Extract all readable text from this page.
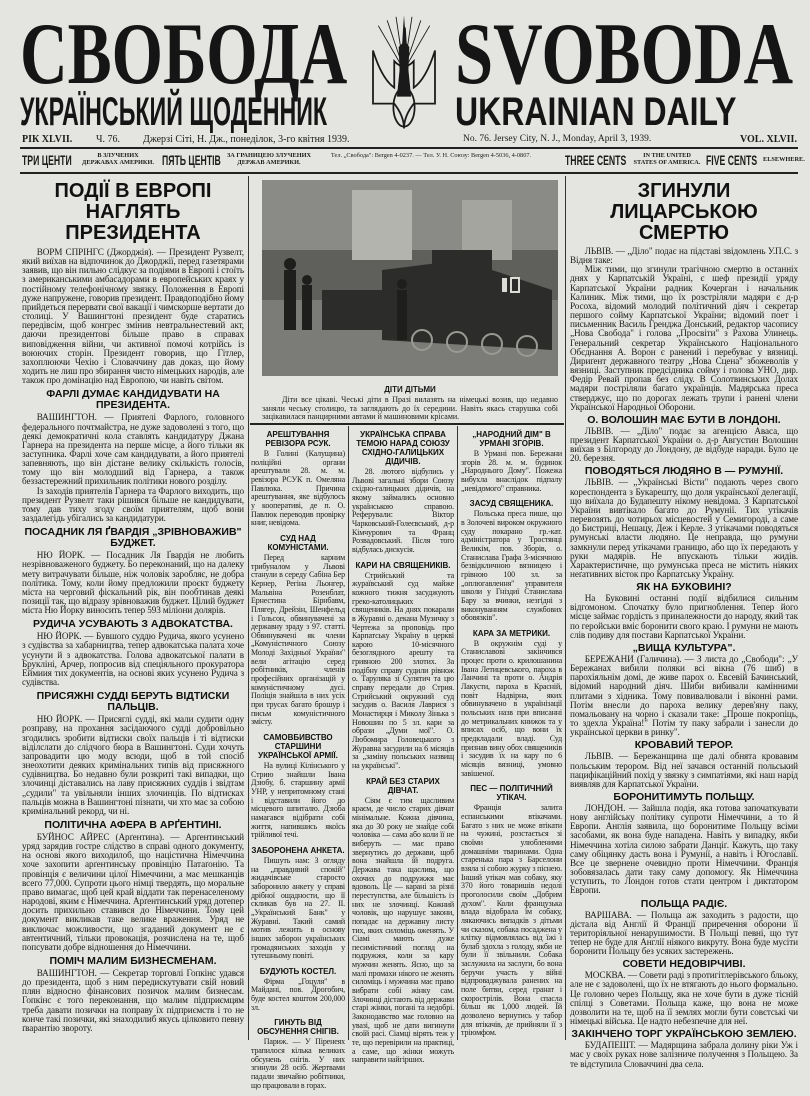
СВОБОДА SVOBODA
УКРАЇНСЬКИЙ ЩОДЕННИК	UKRAINIAN DAILY
РІК XLVII. Ч. 76. Джерзі Сіті, Н. Дж., понеділок, 3-го квітня 1939.	No. 76. Jersey City, N. J., Monday, April 3, 1939.	VOL. XLVII.
ТРИ ЦЕНТИ	В ЗЛУЧЕНИХ ДЕРЖАВАХ АМЕРИКИ. ПЯТЬ ЦЕНТІВ ЗА ГРАНИЦЕЮ ЗЛУЧЕНИХ ДЕРЖАВ АМЕРИКИ.
Тел. „Свобода": Bergen 4-0237. — Тел. У. Н. Союзу: Bergen 4-5036, 4-0807.	THREE CENTS	IN THE UNITED STATES OF AMERICA. FIVE CENTS ELSEWHERE.
ДІТИ ДІТЬМИ
Діти все цікаві. Чеські діти в Празі вилазять на німецькі возив, що недавно заняли чеську столицю, та заглядають до їх середини. Навіть якась старушка собі зацікавилася панцирними автами й машиновими крісами.
ПОДІЇ В ЕВРОПІ НАГЛЯТЬ ПРЕЗИДЕНТА

ВОРМ СПРІНГС (Джорджія). — Президент Рузвелт, який виїхав на відпочинок до Джорджії, перед газетярами заявив, що він пильно слідкує за подіями в Европі і стоїть з американськими амбасадорами в европейських краях у постійному телефонічному звязку. Положення в Европі дуже напружене, говорив президент. Правдоподібно йому прийдеться перервати свої вакації і чимскорше вертати до столиці. У Вашингтоні президент буде старатись передівсім, щоб конгрес змінив невтральнестевий акт, даючи президентові більше право в справах виповідження війни, чи активної помочі котрійсь із воюючих сторін. Президент говорив, що Гітлер, захоплюючи Чехію і Словаччину дав доказ, що йому ходить не лиш про збирання чисто німецьких народів, але також про домінацію над Европою, чи навіть світом.

ФАРЛІ ДУМАЄ КАНДИДУВАТИ НА ПРЕЗИДЕНТА.

ВАШИНГТОН. — Приятелі Фарлого, головного федерального почтмайстра, не дуже задоволені з того, що деякі демократичні кола ставлять кандидатуру Джана Гарнера на президента на перше місце, а його тільки як заступника. Фарлі хоче сам кандидувати, а його приятелі запевняють, що він дістане велику скількість голосів, тому що він молодший від Гарнера, а також беззастережний прихильник політики нового розділу.

Із заходів приятелів Гарнера та Фарлого виходить, що президент Рузвелт таки рішився більше не кандидувати, тому дав тиху згоду своїм приятелям, щоб вони заздалегідь убігались за кандидатури.

ПОСАДНИК ЛЯ ҐВАРДІЯ „ЗРІВНОВАЖИВ" БУДЖЕТ.

НЮ ЙОРК. — Посадник Ля Ґвардія не любить незрівноваженого буджету. Бо переконаний, що на далеку мету витрачувати більше, ніж чоловік заробляє, не добра політика. Тому, коли йому предложили проєкт буджету міста на черговий фіскальний рік, він пообтинав деякі позиції так, що відразу зрівноважив буджет. Цілий буджет міста Ню Йорку виносить тепер 593 міліони долярів.

РУДИЧА УСУВАЮТЬ З АДВОКАТСТВА.

НЮ ЙОРК. — Бувшого суддю Рудича, якого усунено з судівства за хабарництва, тепер адвокатська палата хоче усунути й з адвокатства. Голова адвокатської палати в Брукліні, Арчер, попросив від спеціяльного прокуратора Еймиия тих документів, на основі яких усунено Рудича з судівства.

ПРИСЯЖНІ СУДДІ БЕРУТЬ ВІДТИСКИ ПАЛЬЦІВ.

НЮ ЙОРК. — Присяглі судді, які мали судити одну розправу, на прохання засідаючого судді добровільно згодились зробити відтиски своїх пальців і ті відтиски віділслати до слідчого бюра в Вашингтоні. Суди хочуть запровадити цю моду всюди, щоб в той спосіб знеохотити деяких кримінальних типів від присяжного судівництва. Бо недавно були розкриті такі випадки, що злочинці діставались на лаву присяжних суддів і звідтам „судили" та увільняли інших злочинців. По відтисках пальців можна в Вашингтоні пізнати, чи хто має за собою кримінальний рекорд, чи ні.

ПОЛІТИЧНА АФЕРА В АРҐЕНТИНІ.

БУЙНОС АЙРЕС (Арґентина). — Арґентинський уряд зарядив гостре слідство в справі одного документу, на основі якого виходилоб, що націстична Німеччина хоче захопити арґентинську провінцію Патаґонію. Та провінція є величини цілої Німеччини, а має мешканців всего 77,000. Супроти цього німці твердять, що моральне право вимагає, щоб цей край віддати так перенаселеному народові, яким є Німеччина. Арґентинський уряд дотепер досить прихильно ставився до Німеччини. Тому цей документ викликав таке велике враження. Уряд не виключає можливости, що згаданий документ не є автентичний, тільки провокація, розчислена на те, щоб попсувати добре відношення до Німеччини.

ПОМІЧ МАЛИМ БИЗНЕСМЕНАМ.

ВАШИНГТОН. — Секретар торговлі Гопкінс удався до президента, щоб з ним передискутувати свій новий плян відносно фінансових позичок малим бизнесам. Гопкінс є того переконання, що малим підприємцям треба давати позички на поправу їх підприємств і то не конче такі позички, які знаходилиб якусь цілковито певну ґварантію звороту.

АРЕШТУВАННЯ РЕВІЗОРА РСУК.

В Голині (Калущина) поліційні органи арештували 28. м. м. ревізора РСУК п. Омеляна Павлюка. Причина арештування, яке відбулось у кооперативі, де п. О. Павлюк переводив провірку книг, невідома.

СУД НАД КОМУНІСТАМИ.

Перед карним трибуналом у Львові станули в середу Сабіна Бер Кернер, Регіна Льонгер, Мальвіна Розенблат, Ернестина Бірнбавм, Плягер, Дрейзін, Шенфельд і Гольсон, обвинувачені за державну зраду з 97. статті. Обвинувачені як члени „Комуністичного Союзу Молоді Західньої України" вели агітацію серед робітників, членів професійних організацій у комуністичному дусі. Поліція знайшла в них усіх при трусах багато брошур і письм комуністичного змісту.

САМОВБИВСТВО СТАРШИНИ УКРАЇНСЬКОЇ АРМІЇ.

На вулиці Кілінського у Стрию знайшли Івана Дзюбу, б. старшину армії УНР, у непритомному стані і відставили його до місцевого шпиталю. Дзюба намагався відібрати собі життя, напившись якоїсь трійливої течі.

ЗАБОРОНЕНА АНКЕТА.

Пишуть нам: З огляду на „правдивий спокій" жидачівське старосто заборонило анкету у справі дрібної ощадности, що її скликав був на 27. II. „Український Банк" у Журавні. Такий самий мотив лежить в основу інших заборон українських громадянських заходів у тутешньому повіті.

БУДУЮТЬ КОСТЕЛ.

Фірма „Гоцуля" в Майдані, пов. Дрогобич, буде костел коштом 200,000 зл.

ГИНУТЬ ВІД ОБСУНЕННЯ СНІГІВ.

Париж. — У Піренеях трапилося кілька великих обсунень снігів. У них згинули 28 осіб. Жертвами падали звичайно робітники, що працювали в горах.

УКРАЇНСЬКА СПРАВА ТЕМОЮ НАРАД СОЮЗУ СХІДНО-ГАЛИЦЬКИХ ДІДИЧІВ.

28. лютого відбулись у Львові загальні збори Союзу східно-галицьких дідичів, на якому займались основно українською справою. Реферували: Віктор Чарковський-Голеєвський, д-р Кімчурович та Франц Розвадовський. Після того відбулась дискусія.

КАРИ НА СВЯЩЕНИКІВ.

Стрийський та жураївський суд майже кожного тижня засуджують греко-католицьких священиків. На днях покарали в Журавні о. декана Музичку з Чертежа за проповідь про Карпатську Україну в церкві карою 10-місячного безоглядного арешту та гривною 200 злотих. За подібну справу судили рівнож о. Таруляка зі Сулятич та цю справу передали до Стрия. Стрийський окружний суд засудив о. Василя Лаврися з Монастирця і Миколу Зінька з Новошин по 5 зл. кари за образи „Думи мої". О. Любомира Головецького з Журавна засудили на 6 місяців за „заміну польських назвищ на українські".

КРАЙ БЕЗ СТАРИХ ДІВЧАТ.

Сіям є тим щасливим краєм, де число старих дівчат мінімальне. Кожна дівчина, яка до 30 року не знайде собі чоловіка — сама або коли її не виберуть — має право звернутись до держави, щоб вона знайшла їй подруга. Держава така щаслива, що охочих до подружжя має вдоволь. Це — карані за різні переступства, але більшість із них не злочинці. Кожний чоловік, що нарушує закони, попадає на державну листу тих, яких силоміць оженять. У Сіамі мають дуже песимістичний погляд на подружжя, коли за кару мужчин женять. Ясно, що за малі промахи нікого не женять силоміць і мужчина має право вибрати собі жінку сам. Злочинці дістають від держави старі жінки, погані та недобрі. Законодавство має головно на увазі, щоб не дати вигинути своїй расі. Сіамці вірять теж у те, що перевірили на практиці, а саме, що жінки можуть направити найгірших.

„НАРОДНИЙ ДІМ" В УРМАНІ ЗГОРІВ.

В Урмані пов. Бережани згорів 28. м. м. будинок „Народнього Дому". Пожежа вибухла внаслідок підпалу „невідомого" справника.

ЗАСУД СВЯЩЕНИКА.

Польська преса пише, що в Золочеві вироком окружного суду покарано гр.-кат. адміністратора у Тростянці Великім, пов. Зборів, о. Станислава Графа 3-місячною безвідкличною вязницею і грівною 100 зл. за „оплюгавлення" управителя школи у Гніздиї Станислава Бару за вчинки, незгідні з виконуванням службових обовязків".

КАРА ЗА МЕТРИКИ.

В окружнім суді у Станиславові закінчився процес проти о. крилошанина Івана Летицевського, пароха в Ланчині та проти о. Андрія Лакусти, пароха в Красній, повіт Надвірна, яких обвинувачено в українізації польських назв при вписанні до метрикальних книжок та у вписах осіб, що вони їх предкладали владі. Суд признав вину обох священиків і засудив їх на кару по 6 місяців вязниці, умовно завішеної.

ПЕС — ПОЛІТИЧНИЙ УТІКАЧ.

Франція залита еспанськими втікачами. Багато з них не може втікати на чужині, розстається зі своїми улюбленими домашніми тваринами. Одна старенька пара з Барселони взяла зі собою журку з піснею. Інший утікач мав собаку, яку 370 його товаришів недолі проголосили своїм „Добрим духом". Коли французька влада відобрала їм собаку, лякаючись випадків з дітьми чи сказом, собака посаджена у клітку відмовлялась від їжі і булаб здохла з голоду, якби не були її звільнили. Собака заслужила на заслуги, бо вона беручи участь у війні відпроваджувала ранених на поле битви, серед гранат і скорострілів. Вона спасла більш як 1,000 людей. Їй дозволено вернутись у табор для втікачів, де прийняли її з тріюмфом.

ЗГИНУЛИ ЛИЦАРСЬКОЮ СМЕРТЮ

ЛЬВІВ. — „Діло" подає на підставі звідомлень У.П.С. з Відня таке:

Між тими, що згинули трагічною смертю в останніх днях у Карпатській Україні, є шеф президії уряду Карпатської України радник Кочерган і начальник Калиник. Між тими, що їх розстріляли мадяри є д-р Росоха, відомий молодий політичний діяч і секретар першого сойму Карпатської України; відомий поет і письменник Василь Гренджа Донський, редактор часопису „Нова Свобода" і голова „Просвіти" з Рахова Улинець. Генеральний секретар Українського Національного Обєднання А. Ворон є ранений і перебуває у вязниці. Дириґент державного театру „Нова Сцена" збожеволів у вязниці. Заступник предсідника сойму і голова УНО, дир. Федір Ревай пропав без сліду. В Солотвинських Долах мадяри постріляли багато українців. Мадярська преса стверджує, що по дорогах лежать трупи і ранені члени Української Народньої Оборони.

О. ВОЛОШИН МАЄ БУТИ В ЛОНДОНІ.

ЛЬВІВ. — „Діло" подає за агенцією Аваса, що президент Карпатської України о. д-р Августин Волошин виїхав з Білгороду до Лондону, де відбуде наради. Було це 20. березня.

ПОВОДЯТЬСЯ ЛЮДЯНО В — РУМУНІЇ.

ЛЬВІВ. — „Українські Вісти" подають через свого кореспондента з Букарешту, що доля української делегації, що виїхала до Будапешту нікому невідома. З Карпатської України вивтікало багато до Румунії. Тих утікачів перевозять до чотирьох місцевостей у Семигороді, а саме до Бистриці, Нешацу, Деж і Керле. З утікачами поводяться румунські власти людяно. Це неправда, що румуни замкнули перед утікачами границю, або що їх передають у руки мадярів. Не впускають тільки жидів. Характеристичне, що румунська преса не містить ніяких неґативних вісток про Карпатську Україну.

ЯК НА БУКОВИНІ?

На Буковині останні події відбилися сильним відгомоном. Спочатку було пригноблення. Тепер його місце займає гордість з приналежности до народу, який так по геройськи вміє боронити свого краю. І румуни не мають слів подиву для постави Карпатської України.

„ВИЩА КУЛЬТУРА".

БЕРЕЖАНИ (Галичина). — З листа до „Свободи": „У Бережанах вибили поляки всі вікна (76 шиб) в парохіяльнім домі, де живе парох о. Евсевій Бачинський, відомий народний діяч. Шиби вибивали камінними плитами з хідника. Тому повивалювали і віконні рами. Потім внесли до пароха велику дерев'яну паку, помальовану на чорно і сказали таке: „Проше покропіць, то здехла Україна!" Потім ту паку забрали і занесли до української церкви в ринку".

КРОВАВИЙ ТЕРОР.

ЛЬВІВ. — Бережанщина ще далі обнята кровавим польським терором. Від неї зачався останній польський пацифікаційний похід у звязку з симпатіями, які наш нарід виявляв для Карпатської України.

БОРОНИТИМУТЬ ПОЛЬЩУ.

ЛОНДОН. — Зайшла подія, яка готова започаткувати нову англійську політику супроти Німеччини, а то й Европи. Англія заявила, що боронитиме Польщу всіми засобами, як вона буде нападена. Навіть у випадку, якби Німеччина хотіла силою забрати Данціґ. Кажуть, що таку саму обіцянку дасть вона і Румунії, а навіть і Югославії. Все це звернене очевидно проти Німеччини. Франція зобовязалась дати таку саму допомогу. Як Німеччина уступить, то Лондон готов стати центром і диктатором Европи.

ПОЛЬЩА РАДІЄ.

ВАРШАВА. — Польща аж заходить з радости, що дістала від Англії й Франції приречення оборони її територіяльної ненарушимости. В Польщі певні, що тут тепер не буде для Англії ніякого викруту. Вона буде мусіти боронити Польщу без усяких застережень.

СОВЕТИ НЕДОВІРЧИВІ.

МОСКВА. — Совети раді з протигітлерівського бльоку, але не є задоволені, що їх не втягають до нього формально. Це головно через Польщу, яка не хоче бути в дуже тісній спілці з Советами. Польща каже, що вона не може дозволити на те, щоб на її землях могли бути совєтські чи німецькі війська. Це надто небезпечне для неї.

ЗАКІНЧЕНО ТОРГ УКРАЇНСЬКОЮ ЗЕМЛЕЮ.

БУДАПЕШТ. — Мадярщина забрала долину ріки Уж і має у своїх руках нове залізниче получення з Польщею. За те відступила Словаччині два села.
